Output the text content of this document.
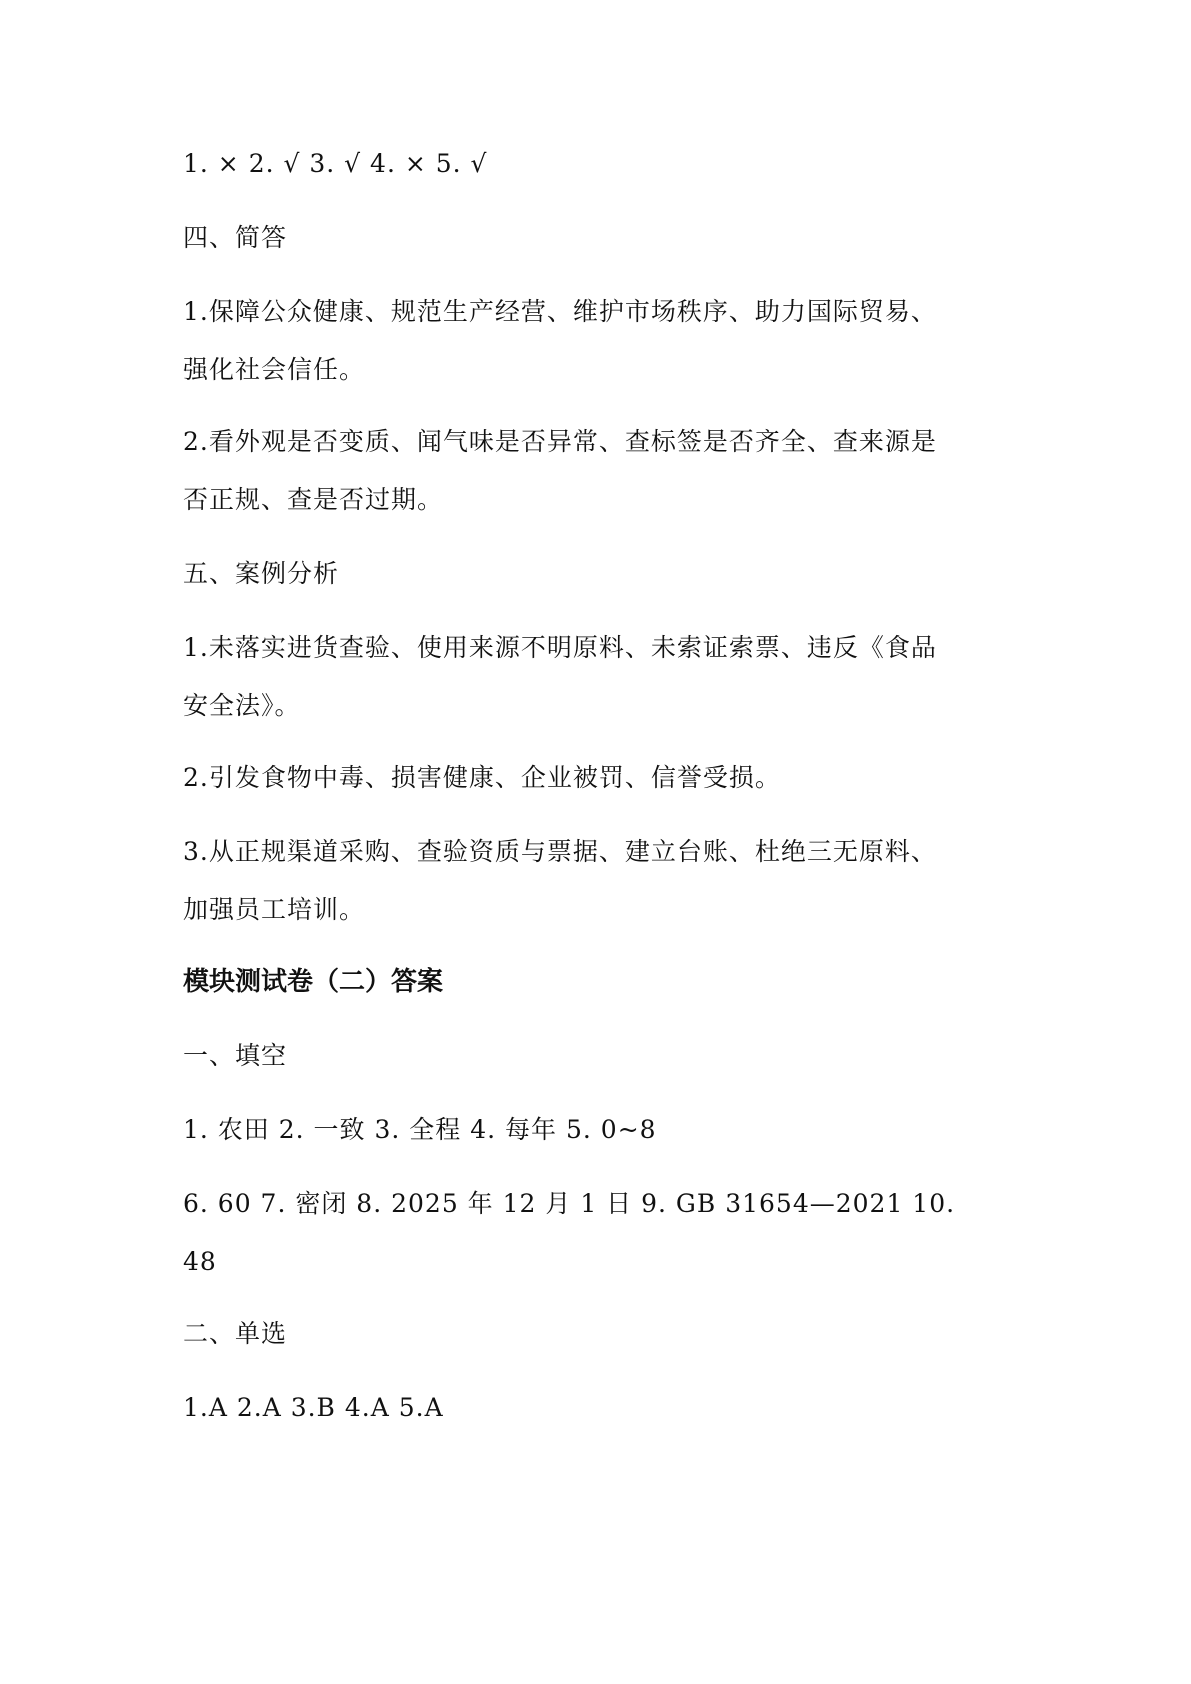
1. × 2. √ 3. √ 4. × 5. √
四、简答
1.保障公众健康、规范生产经营、维护市场秩序、助力国际贸易、
强化社会信任。
2.看外观是否变质、闻气味是否异常、查标签是否齐全、查来源是
否正规、查是否过期。
五、案例分析
1.未落实进货查验、使用来源不明原料、未索证索票、违反《食品
安全法》。
2.引发食物中毒、损害健康、企业被罚、信誉受损。
3.从正规渠道采购、查验资质与票据、建立台账、杜绝三无原料、
加强员工培训。
模块测试卷（二）答案
一、填空
1. 农田 2. 一致 3. 全程 4. 每年 5. 0~8
6. 60 7. 密闭 8. 2025 年 12 月 1 日 9. GB 31654—2021 10.
48
二、单选
1.A 2.A 3.B 4.A 5.A
